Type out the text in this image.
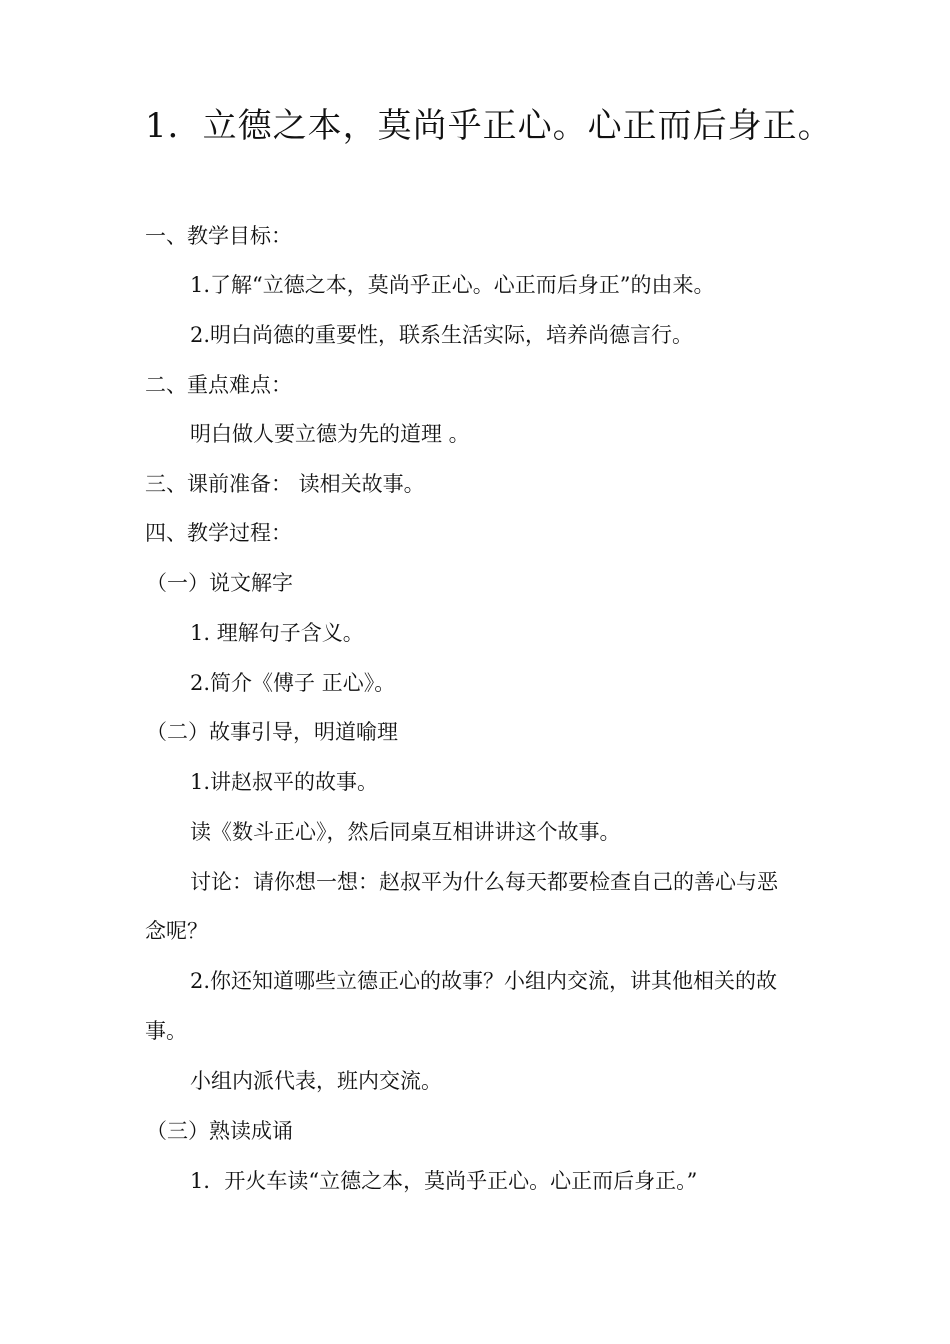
1．立德之本，莫尚乎正心。心正而后身正。
一、教学目标：
1.了解“立德之本，莫尚乎正心。心正而后身正”的由来。
2.明白尚德的重要性，联系生活实际，培养尚德言行。
二、重点难点：
明白做人要立德为先的道理 。
三、课前准备： 读相关故事。
四、教学过程：
（一）说文解字
1. 理解句子含义。
2.简介《傅子 正心》。
（二）故事引导，明道喻理
1.讲赵叔平的故事。
读《数斗正心》，然后同桌互相讲讲这个故事。
讨论：请你想一想：赵叔平为什么每天都要检查自己的善心与恶
念呢？
2.你还知道哪些立德正心的故事？小组内交流，讲其他相关的故
事。
小组内派代表，班内交流。
（三）熟读成诵
1．开火车读“立德之本，莫尚乎正心。心正而后身正。”
